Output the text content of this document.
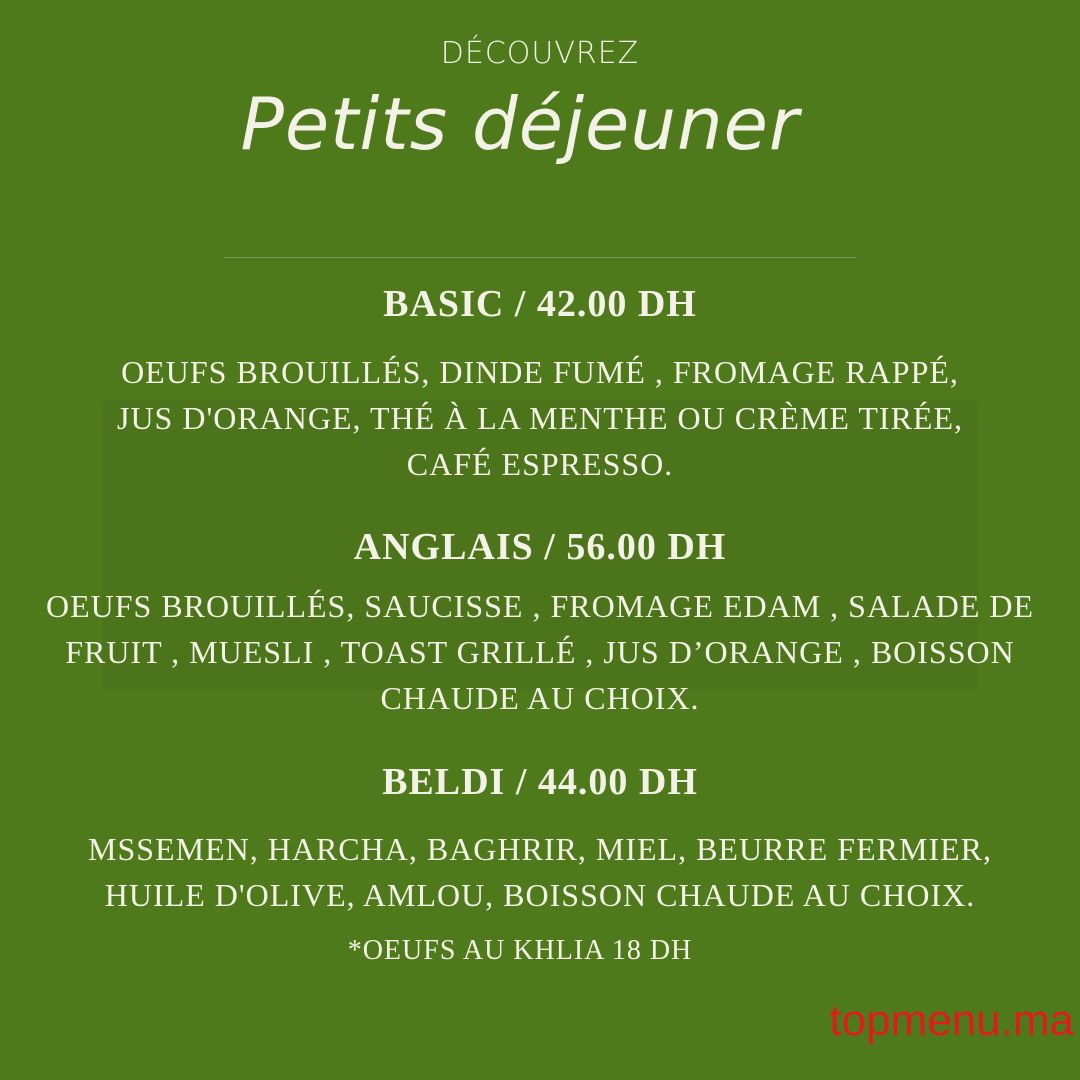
DÉCOUVREZ
Petits déjeuner
BASIC / 42.00 DH
OEUFS BROUILLÉS, DINDE FUMÉ , FROMAGE RAPPÉ,
JUS D'ORANGE, THÉ À LA MENTHE OU CRÈME TIRÉE,
CAFÉ ESPRESSO.
ANGLAIS / 56.00 DH
OEUFS BROUILLÉS, SAUCISSE , FROMAGE EDAM , SALADE DE
FRUIT , MUESLI , TOAST GRILLÉ , JUS D’ORANGE , BOISSON
CHAUDE AU CHOIX.
BELDI / 44.00 DH
MSSEMEN, HARCHA, BAGHRIR, MIEL, BEURRE FERMIER,
HUILE D'OLIVE, AMLOU, BOISSON CHAUDE AU CHOIX.
*OEUFS AU KHLIA 18 DH
topmenu.ma
